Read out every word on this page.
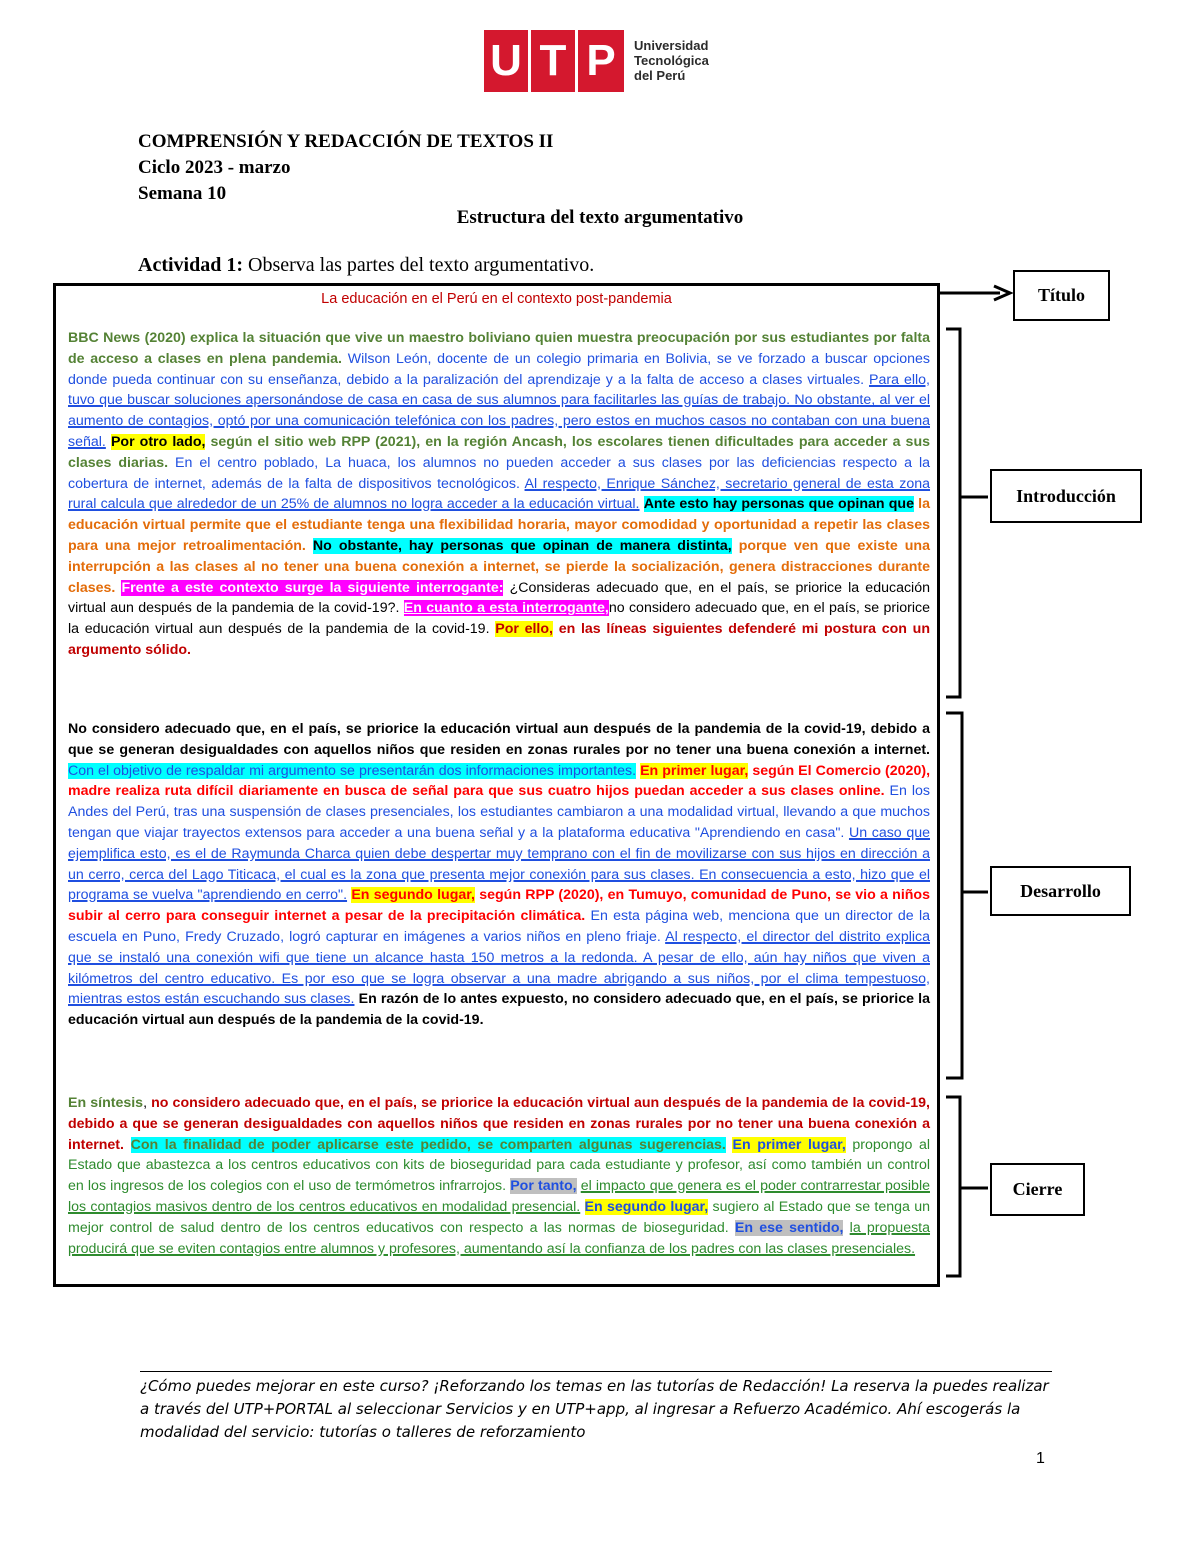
U T P	Universidad
Tecnológica
del Perú
COMPRENSIÓN Y REDACCIÓN DE TEXTOS II
Ciclo 2023 - marzo
Semana 10
Estructura del texto argumentativo
Actividad 1: Observa las partes del texto argumentativo.
La educación en el Perú en el contexto post-pandemia
BBC News (2020) explica la situación que vive un maestro boliviano quien muestra preocupación por sus estudiantes por falta de acceso a clases en plena pandemia. Wilson León, docente de un colegio primaria en Bolivia, se ve forzado a buscar opciones donde pueda continuar con su enseñanza, debido a la paralización del aprendizaje y a la falta de acceso a clases virtuales. Para ello, tuvo que buscar soluciones apersonándose de casa en casa de sus alumnos para facilitarles las guías de trabajo. No obstante, al ver el aumento de contagios, optó por una comunicación telefónica con los padres, pero estos en muchos casos no contaban con una buena señal. Por otro lado, según el sitio web RPP (2021), en la región Ancash, los escolares tienen dificultades para acceder a sus clases diarias. En el centro poblado, La huaca, los alumnos no pueden acceder a sus clases por las deficiencias respecto a la cobertura de internet, además de la falta de dispositivos tecnológicos. Al respecto, Enrique Sánchez, secretario general de esta zona rural calcula que alrededor de un 25% de alumnos no logra acceder a la educación virtual. Ante esto hay personas que opinan que la educación virtual permite que el estudiante tenga una flexibilidad horaria, mayor comodidad y oportunidad a repetir las clases para una mejor retroalimentación. No obstante, hay personas que opinan de manera distinta, porque ven que existe una interrupción a las clases al no tener una buena conexión a internet, se pierde la socialización, genera distracciones durante clases. Frente a este contexto surge la siguiente interrogante: ¿Consideras adecuado que, en el país, se priorice la educación virtual aun después de la pandemia de la covid-19?. En cuanto a esta interrogante,no considero adecuado que, en el país, se priorice la educación virtual aun después de la pandemia de la covid-19. Por ello, en las líneas siguientes defenderé mi postura con un argumento sólido.
No considero adecuado que, en el país, se priorice la educación virtual aun después de la pandemia de la covid-19, debido a que se generan desigualdades con aquellos niños que residen en zonas rurales por no tener una buena conexión a internet. Con el objetivo de respaldar mi argumento se presentarán dos informaciones importantes. En primer lugar, según El Comercio (2020), madre realiza ruta difícil diariamente en busca de señal para que sus cuatro hijos puedan acceder a sus clases online. En los Andes del Perú, tras una suspensión de clases presenciales, los estudiantes cambiaron a una modalidad virtual, llevando a que muchos tengan que viajar trayectos extensos para acceder a una buena señal y a la plataforma educativa "Aprendiendo en casa". Un caso que ejemplifica esto, es el de Raymunda Charca quien debe despertar muy temprano con el fin de movilizarse con sus hijos en dirección a un cerro, cerca del Lago Titicaca, el cual es la zona que presenta mejor conexión para sus clases. En consecuencia a esto, hizo que el programa se vuelva "aprendiendo en cerro". En segundo lugar, según RPP (2020), en Tumuyo, comunidad de Puno, se vio a niños subir al cerro para conseguir internet a pesar de la precipitación climática. En esta página web, menciona que un director de la escuela en Puno, Fredy Cruzado, logró capturar en imágenes a varios niños en pleno friaje. Al respecto, el director del distrito explica que se instaló una conexión wifi que tiene un alcance hasta 150 metros a la redonda. A pesar de ello, aún hay niños que viven a kilómetros del centro educativo. Es por eso que se logra observar a una madre abrigando a sus niños, por el clima tempestuoso, mientras estos están escuchando sus clases. En razón de lo antes expuesto, no considero adecuado que, en el país, se priorice la educación virtual aun después de la pandemia de la covid-19.
En síntesis, no considero adecuado que, en el país, se priorice la educación virtual aun después de la pandemia de la covid-19, debido a que se generan desigualdades con aquellos niños que residen en zonas rurales por no tener una buena conexión a internet. Con la finalidad de poder aplicarse este pedido, se comparten algunas sugerencias. En primer lugar, propongo al Estado que abastezca a los centros educativos con kits de bioseguridad para cada estudiante y profesor, así como también un control en los ingresos de los colegios con el uso de termómetros infrarrojos. Por tanto, el impacto que genera es el poder contrarrestar posible los contagios masivos dentro de los centros educativos en modalidad presencial. En segundo lugar, sugiero al Estado que se tenga un mejor control de salud dentro de los centros educativos con respecto a las normas de bioseguridad. En ese sentido, la propuesta producirá que se eviten contagios entre alumnos y profesores, aumentando así la confianza de los padres con las clases presenciales.
Título
Introducción
Desarrollo
Cierre
¿Cómo puedes mejorar en este curso? ¡Reforzando los temas en las tutorías de Redacción! La reserva la puedes realizar a través del UTP+PORTAL al seleccionar Servicios y en UTP+app, al ingresar a Refuerzo Académico. Ahí escogerás la modalidad del servicio: tutorías o talleres de reforzamiento
1
